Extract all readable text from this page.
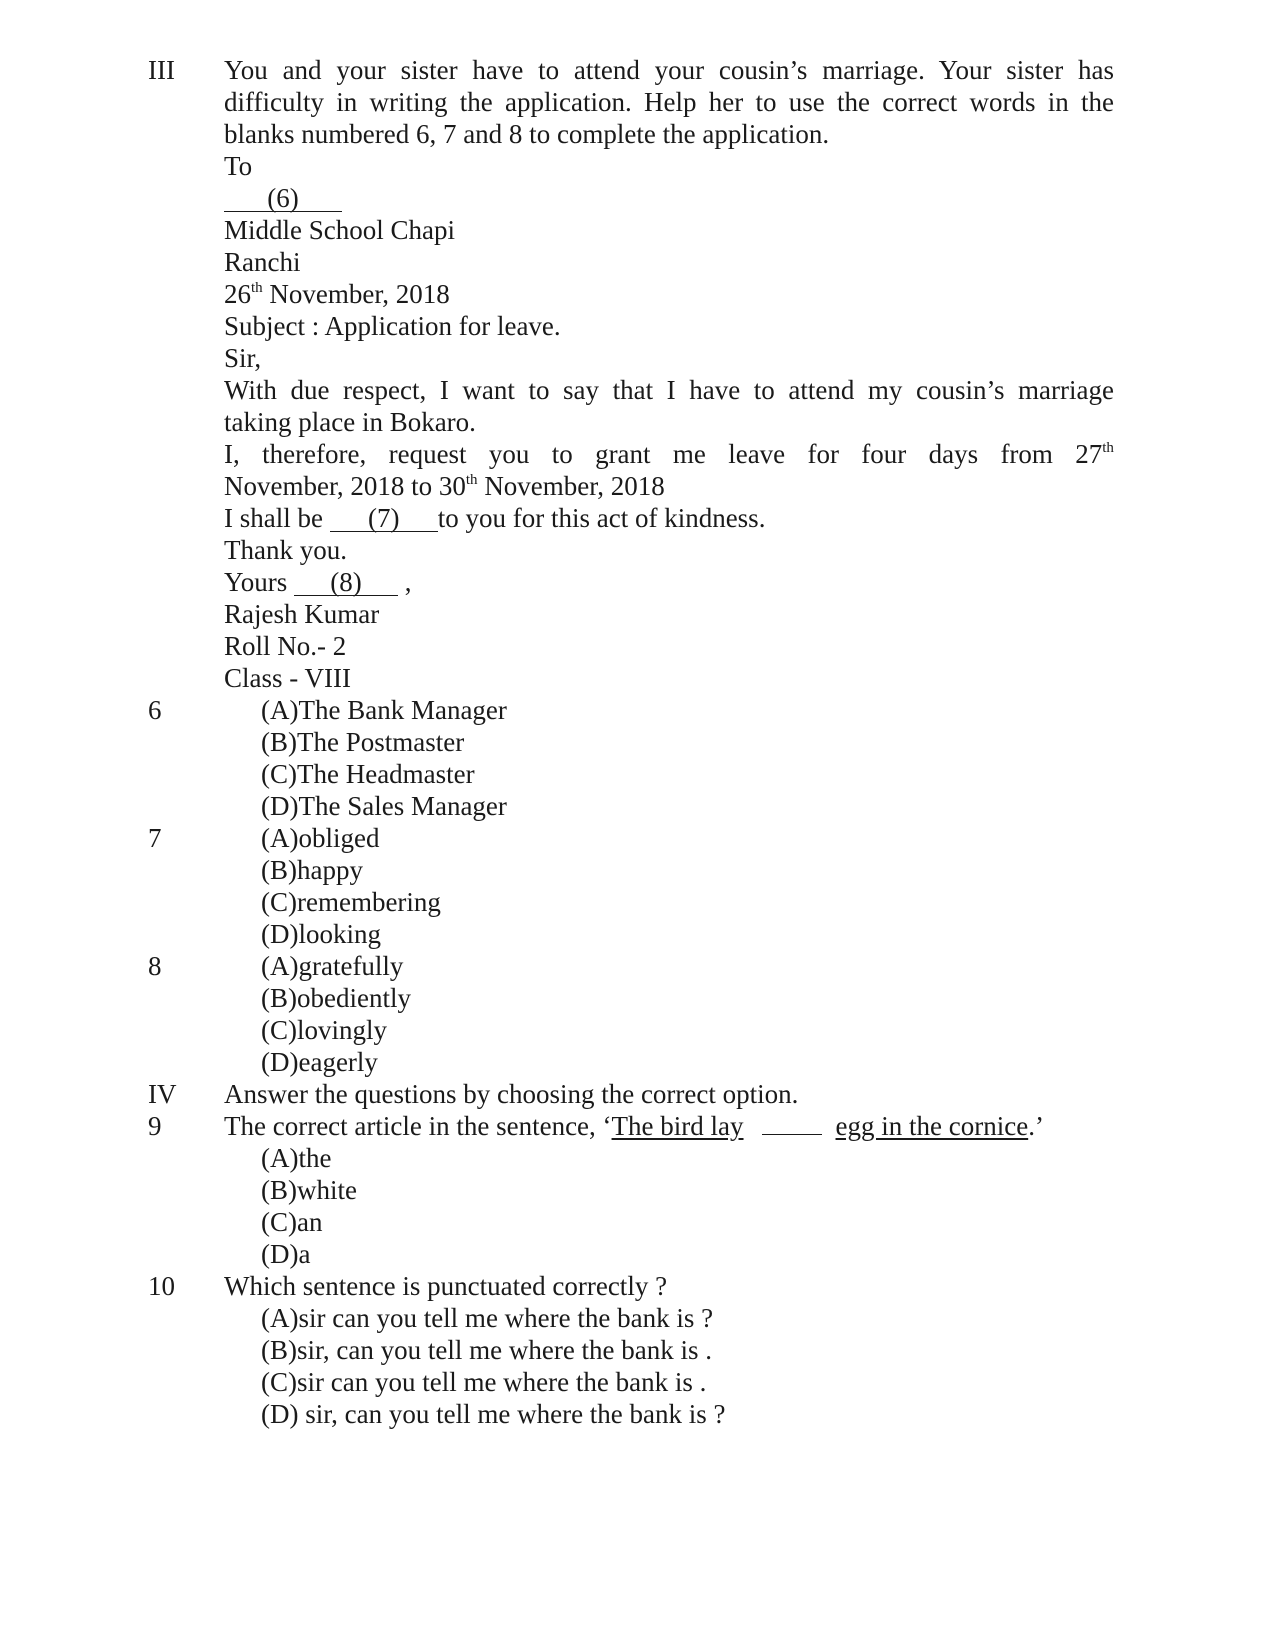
III You and your sister have to attend your cousin’s marriage. Your sister has
difficulty in writing the application. Help her to use the correct words in the
blanks numbered 6, 7 and 8 to complete the application.
To
(6)
Middle School Chapi
Ranchi
26th November, 2018
Subject : Application for leave.
Sir,
With due respect, I want to say that I have to attend my cousin’s marriage
taking place in Bokaro.
I, therefore, request you to grant me leave for four days from 27th
November, 2018 to 30th November, 2018
I shall be (7) to you for this act of kindness.
Thank you.
Yours (8) ,
Rajesh Kumar
Roll No.- 2
Class - VIII
6	(A)The Bank Manager
(B)The Postmaster
(C)The Headmaster
(D)The Sales Manager
7	(A)obliged
(B)happy
(C)remembering
(D)looking
8	(A)gratefully
(B)obediently
(C)lovingly
(D)eagerly
IV Answer the questions by choosing the correct option.
9 The correct article in the sentence, ‘The bird lay	egg in the cornice.’
(A)the
(B)white
(C)an
(D)a
10 Which sentence is punctuated correctly ?
(A)sir can you tell me where the bank is ?
(B)sir, can you tell me where the bank is .
(C)sir can you tell me where the bank is .
(D) sir, can you tell me where the bank is ?
